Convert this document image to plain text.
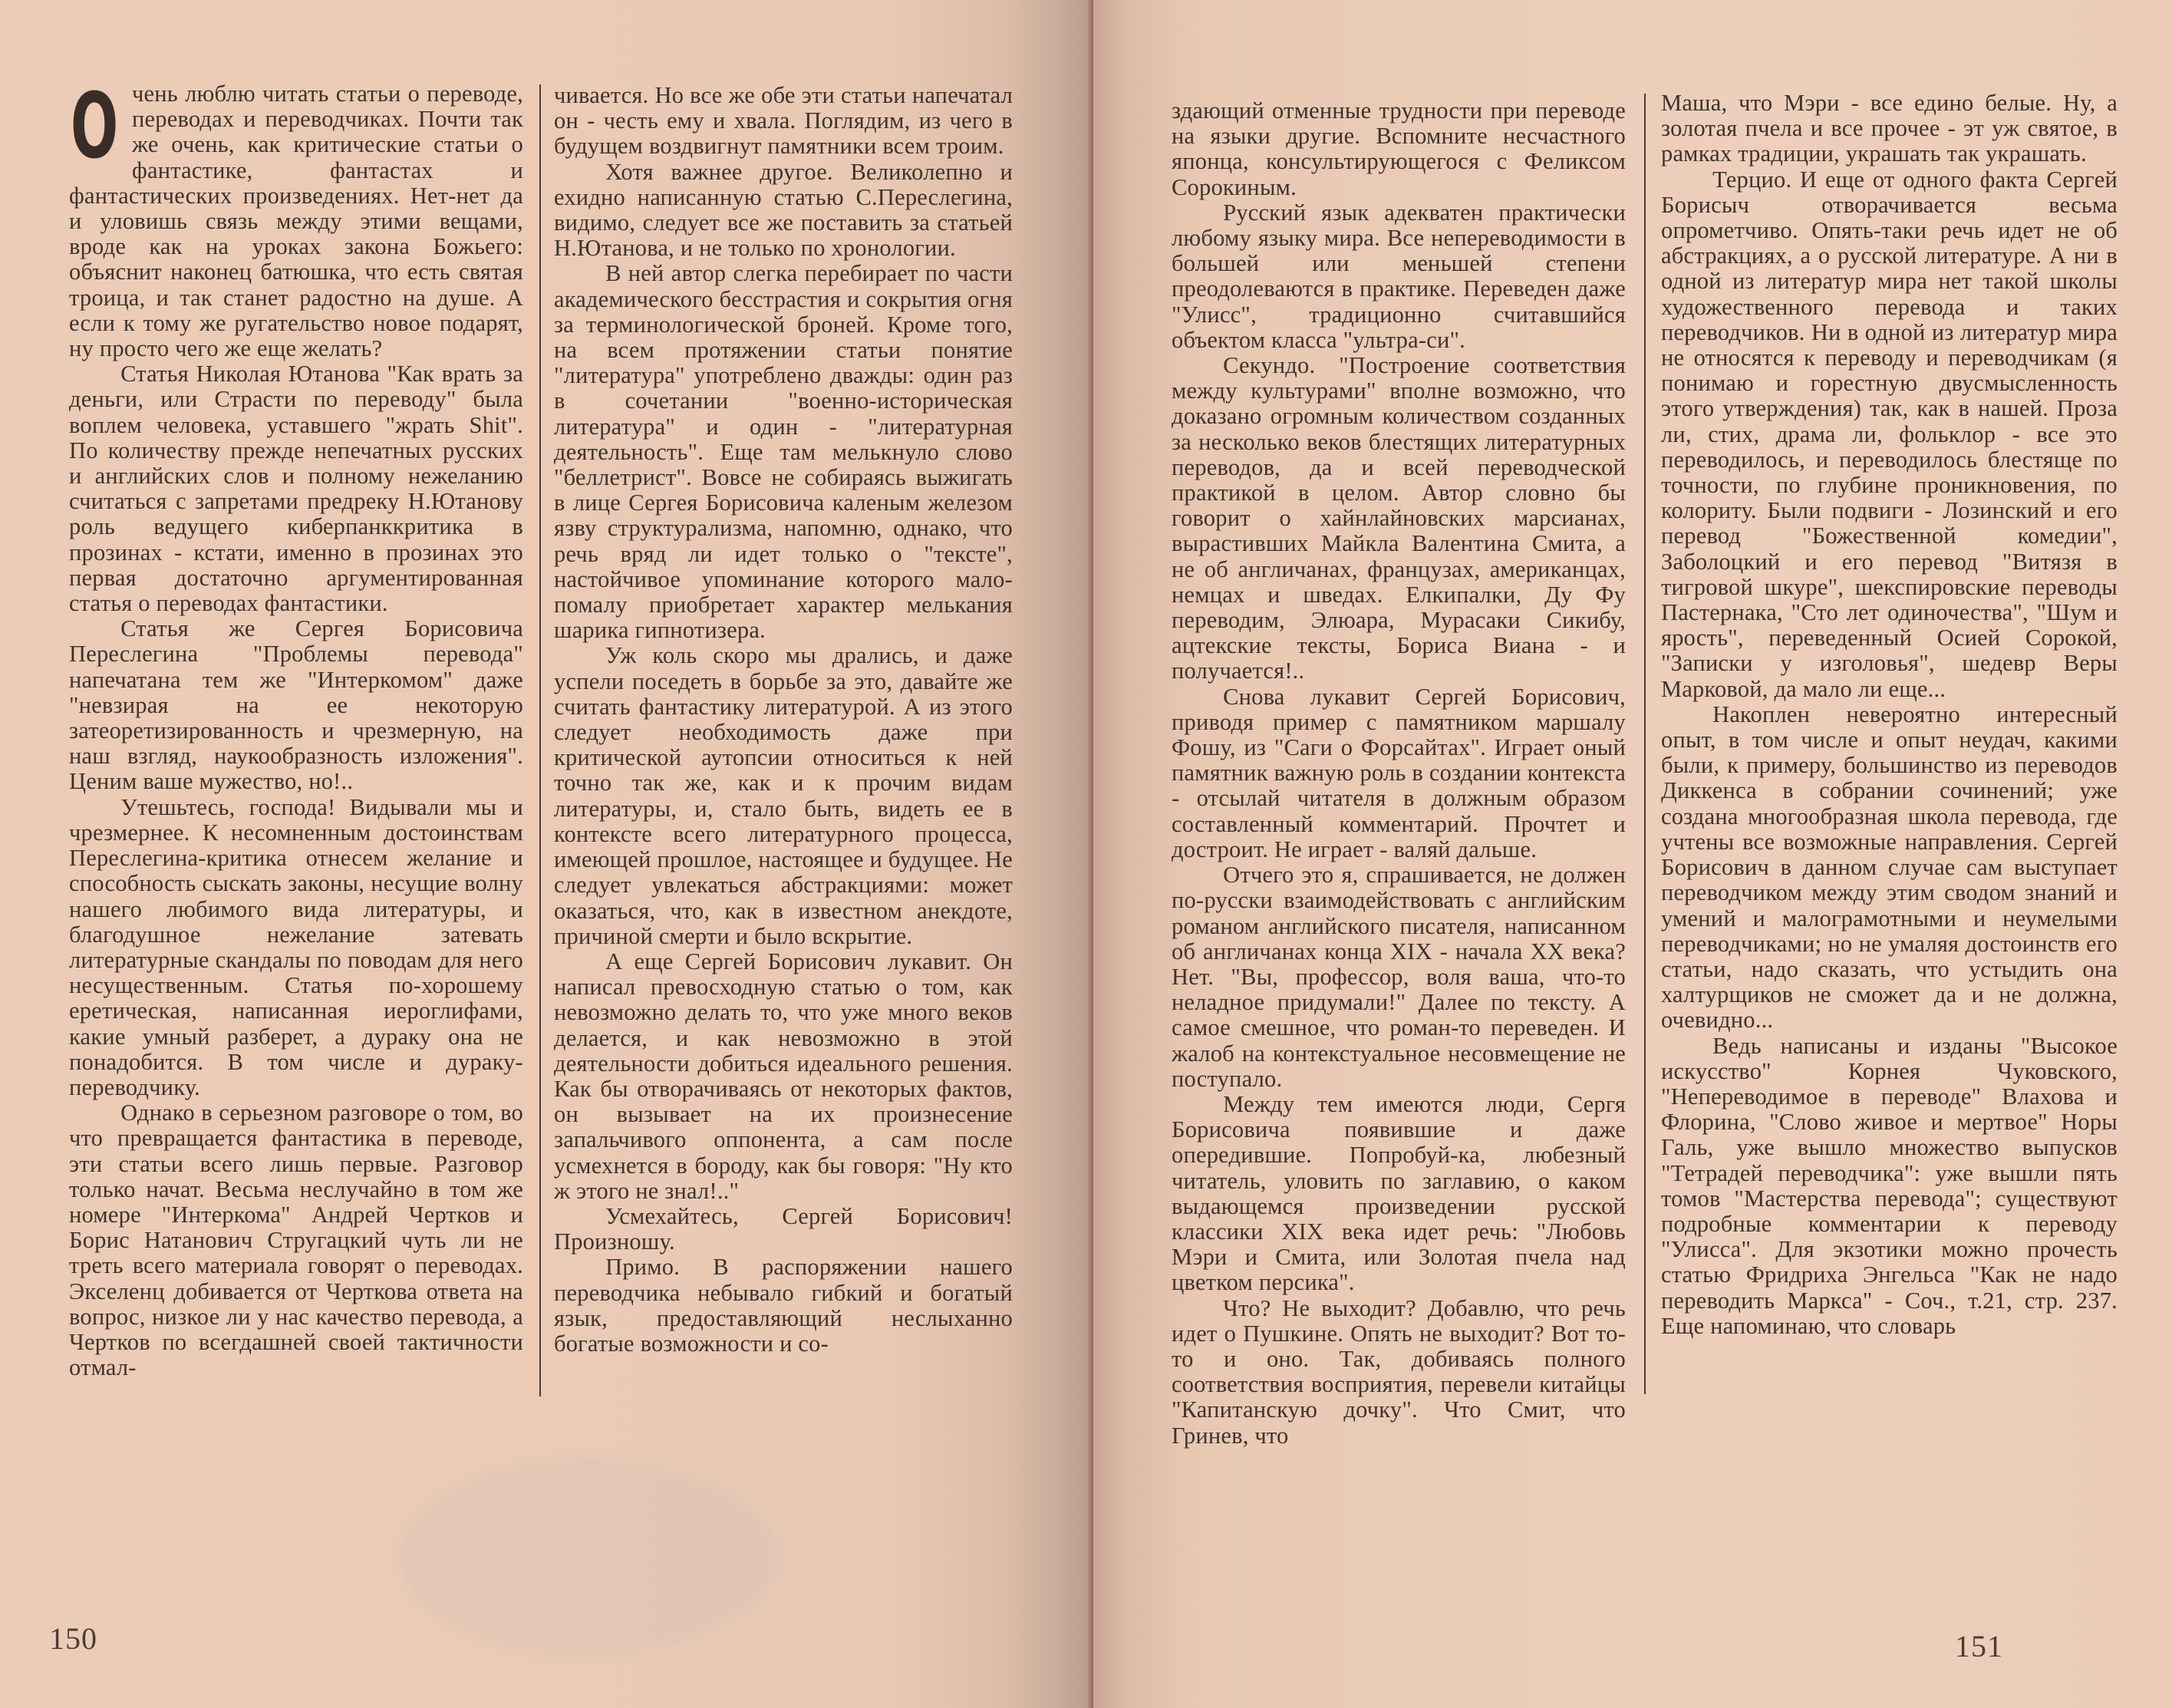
Очень люблю читать статьи о переводе, переводах и переводчиках. Почти так же очень, как критические статьи о фантастике, фантастах и фантастических произведениях. Нет-нет да и уловишь связь между этими вещами, вроде как на уроках закона Божьего: объяснит наконец батюшка, что есть святая троица, и так станет радостно на душе. А если к тому же ругательство новое подарят, ну просто чего же еще желать?

Статья Николая Ютанова "Как врать за деньги, или Страсти по переводу" была воплем человека, уставшего "жрать Shit". По количеству прежде непечатных русских и английских слов и полному нежеланию считаться с запретами предреку Н.Ютанову роль ведущего киберпанккритика в прозинах - кстати, именно в прозинах это первая достаточно аргументированная статья о переводах фантастики.

Статья же Сергея Борисовича Переслегина "Проблемы перевода" напечатана тем же "Интеркомом" даже "невзирая на ее некоторую затеоретизированность и чрезмерную, на наш взгляд, наукообразность изложения". Ценим ваше мужество, но!..

Утешьтесь, господа! Видывали мы и чрезмернее. К несомненным достоинствам Переслегина-критика отнесем желание и способность сыскать законы, несущие волну нашего любимого вида литературы, и благодушное нежелание затевать литературные скандалы по поводам для него несущественным. Статья по-хорошему еретическая, написанная иероглифами, какие умный разберет, а дураку она не понадобится. В том числе и дураку-переводчику.

Однако в серьезном разговоре о том, во что превращается фантастика в переводе, эти статьи всего лишь первые. Разговор только начат. Весьма неслучайно в том же номере "Интеркома" Андрей Чертков и Борис Натанович Стругацкий чуть ли не треть всего материала говорят о переводах. Экселенц добивается от Черткова ответа на вопрос, низкое ли у нас качество перевода, а Чертков по всегдашней своей тактичности отмал-

чивается. Но все же обе эти статьи напечатал он - честь ему и хвала. Поглядим, из чего в будущем воздвигнут памятники всем троим.

Хотя важнее другое. Великолепно и ехидно написанную статью С.Переслегина, видимо, следует все же поставить за статьей Н.Ютанова, и не только по хронологии.

В ней автор слегка перебирает по части академического бесстрастия и сокрытия огня за терминологической броней. Кроме того, на всем протяжении статьи понятие "литература" употреблено дважды: один раз в сочетании "военно-историческая литература" и один - "литературная деятельность". Еще там мелькнуло слово "беллетрист". Вовсе не собираясь выжигать в лице Сергея Борисовича каленым железом язву структурализма, напомню, однако, что речь вряд ли идет только о "тексте", настойчивое упоминание которого мало-помалу приобретает характер мелькания шарика гипнотизера.

Уж коль скоро мы дрались, и даже успели поседеть в борьбе за это, давайте же считать фантастику литературой. А из этого следует необходимость даже при критической аутопсии относиться к ней точно так же, как и к прочим видам литературы, и, стало быть, видеть ее в контексте всего литературного процесса, имеющей прошлое, настоящее и будущее. Не следует увлекаться абстракциями: может оказаться, что, как в известном анекдоте, причиной смерти и было вскрытие.

А еще Сергей Борисович лукавит. Он написал превосходную статью о том, как невозможно делать то, что уже много веков делается, и как невозможно в этой деятельности добиться идеального решения. Как бы отворачиваясь от некоторых фактов, он вызывает на их произнесение запальчивого оппонента, а сам после усмехнется в бороду, как бы говоря: "Ну кто ж этого не знал!.."

Усмехайтесь, Сергей Борисович! Произношу.

Примо. В распоряжении нашего переводчика небывало гибкий и богатый язык, предоставляющий неслыханно богатые возможности и со-

150

здающий отменные трудности при переводе на языки другие. Вспомните несчастного японца, консультирующегося с Феликсом Сорокиным.

Русский язык адекватен практически любому языку мира. Все непереводимости в большей или меньшей степени преодолеваются в практике. Переведен даже "Улисс", традиционно считавшийся объектом класса "ультра-си".

Секундо. "Построение соответствия между культурами" вполне возможно, что доказано огромным количеством созданных за несколько веков блестящих литературных переводов, да и всей переводческой практикой в целом. Автор словно бы говорит о хайнлайновских марсианах, вырастивших Майкла Валентина Смита, а не об англичанах, французах, американцах, немцах и шведах. Елкипалки, Ду Фу переводим, Элюара, Мурасаки Сикибу, ацтекские тексты, Бориса Виана - и получается!..

Снова лукавит Сергей Борисович, приводя пример с памятником маршалу Фошу, из "Саги о Форсайтах". Играет оный памятник важную роль в создании контекста - отсылай читателя в должным образом составленный комментарий. Прочтет и достроит. Не играет - валяй дальше.

Отчего это я, спрашивается, не должен по-русски взаимодействовать с английским романом английского писателя, написанном об англичанах конца XIX - начала XX века? Нет. "Вы, профессор, воля ваша, что-то неладное придумали!" Далее по тексту. А самое смешное, что роман-то переведен. И жалоб на контекстуальное несовмещение не поступало.

Между тем имеются люди, Сергя Борисовича появившие и даже опередившие. Попробуй-ка, любезный читатель, уловить по заглавию, о каком выдающемся произведении русской классики XIX века идет речь: "Любовь Мэри и Смита, или Золотая пчела над цветком персика".

Что? Не выходит? Добавлю, что речь идет о Пушкине. Опять не выходит? Вот то-то и оно. Так, добиваясь полного соответствия восприятия, перевели китайцы "Капитанскую дочку". Что Смит, что Гринев, что

Маша, что Мэри - все едино белые. Ну, а золотая пчела и все прочее - эт уж святое, в рамках традиции, украшать так украшать.

Терцио. И еще от одного факта Сергей Борисыч отворачивается весьма опрометчиво. Опять-таки речь идет не об абстракциях, а о русской литературе. А ни в одной из литератур мира нет такой школы художественного перевода и таких переводчиков. Ни в одной из литератур мира не относятся к переводу и переводчикам (я понимаю и горестную двусмысленность этого утверждения) так, как в нашей. Проза ли, стих, драма ли, фольклор - все это переводилось, и переводилось блестяще по точности, по глубине проникновения, по колориту. Были подвиги - Лозинский и его перевод "Божественной комедии", Заболоцкий и его перевод "Витязя в тигровой шкуре", шекспировские переводы Пастернака, "Сто лет одиночества", "Шум и ярость", переведенный Осией Сорокой, "Записки у изголовья", шедевр Веры Марковой, да мало ли еще...

Накоплен невероятно интересный опыт, в том числе и опыт неудач, какими были, к примеру, большинство из переводов Диккенса в собрании сочинений; уже создана многообразная школа перевода, где учтены все возможные направления. Сергей Борисович в данном случае сам выступает переводчиком между этим сводом знаний и умений и малограмотными и неумелыми переводчиками; но не умаляя достоинств его статьи, надо сказать, что устыдить она халтурщиков не сможет да и не должна, очевидно...

Ведь написаны и изданы "Высокое искусство" Корнея Чуковского, "Непереводимое в переводе" Влахова и Флорина, "Слово живое и мертвое" Норы Галь, уже вышло множество выпусков "Тетрадей переводчика": уже вышли пять томов "Мастерства перевода"; существуют подробные комментарии к переводу "Улисса". Для экзотики можно прочесть статью Фридриха Энгельса "Как не надо переводить Маркса" - Соч., т.21, стр. 237. Еще напоминаю, что словарь

151
